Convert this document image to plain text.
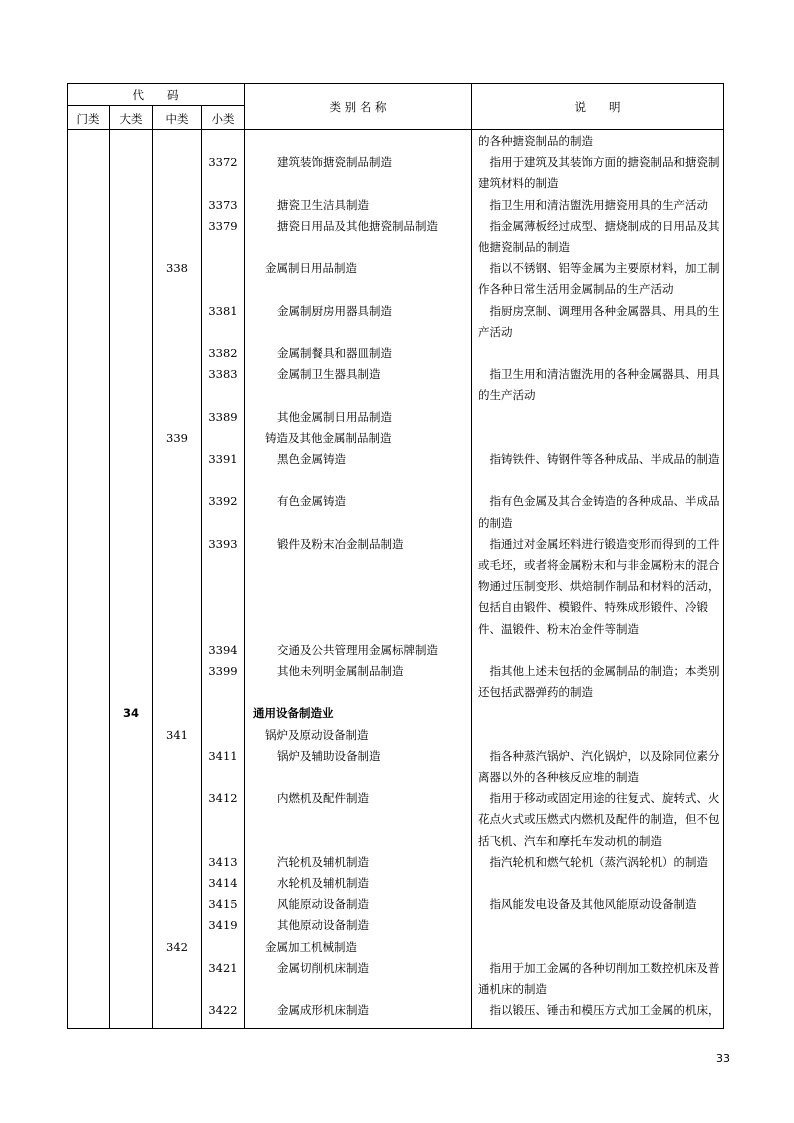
代　　码
门类	大类	中类	小类
类 别 名 称	说　　明
的各种搪瓷制品的制造
3372	建筑装饰搪瓷制品制造	　指用于建筑及其装饰方面的搪瓷制品和搪瓷制建筑材料的制造
3373	搪瓷卫生洁具制造	　指卫生用和清洁盥洗用搪瓷用具的生产活动
3379	搪瓷日用品及其他搪瓷制品制造	　指金属薄板经过成型、搪烧制成的日用品及其他搪瓷制品的制造
338	金属制日用品制造	　指以不锈钢、铝等金属为主要原材料，加工制作各种日常生活用金属制品的生产活动
3381	金属制厨房用器具制造	　指厨房烹制、调理用各种金属器具、用具的生产活动
3382	金属制餐具和器皿制造
3383	金属制卫生器具制造	　指卫生用和清洁盥洗用的各种金属器具、用具的生产活动
3389	其他金属制日用品制造
339	铸造及其他金属制品制造
3391	黑色金属铸造	　指铸铁件、铸钢件等各种成品、半成品的制造
3392	有色金属铸造	　指有色金属及其合金铸造的各种成品、半成品的制造
3393	锻件及粉末冶金制品制造	　指通过对金属坯料进行锻造变形而得到的工件或毛坯，或者将金属粉末和与非金属粉末的混合物通过压制变形、烘焙制作制品和材料的活动，包括自由锻件、模锻件、特殊成形锻件、冷锻件、温锻件、粉末冶金件等制造
3394	交通及公共管理用金属标牌制造
3399	其他未列明金属制品制造	　指其他上述未包括的金属制品的制造；本类别还包括武器弹药的制造
34	通用设备制造业
341	锅炉及原动设备制造
3411	锅炉及辅助设备制造	　指各种蒸汽锅炉、汽化锅炉，以及除同位素分离器以外的各种核反应堆的制造
3412	内燃机及配件制造	　指用于移动或固定用途的往复式、旋转式、火花点火式或压燃式内燃机及配件的制造，但不包括飞机、汽车和摩托车发动机的制造
3413	汽轮机及辅机制造	　指汽轮机和燃气轮机（蒸汽涡轮机）的制造
3414	水轮机及辅机制造
3415	风能原动设备制造	　指风能发电设备及其他风能原动设备制造
3419	其他原动设备制造
342	金属加工机械制造
3421	金属切削机床制造	　指用于加工金属的各种切削加工数控机床及普通机床的制造
3422	金属成形机床制造	　指以锻压、锤击和模压方式加工金属的机床，
33
